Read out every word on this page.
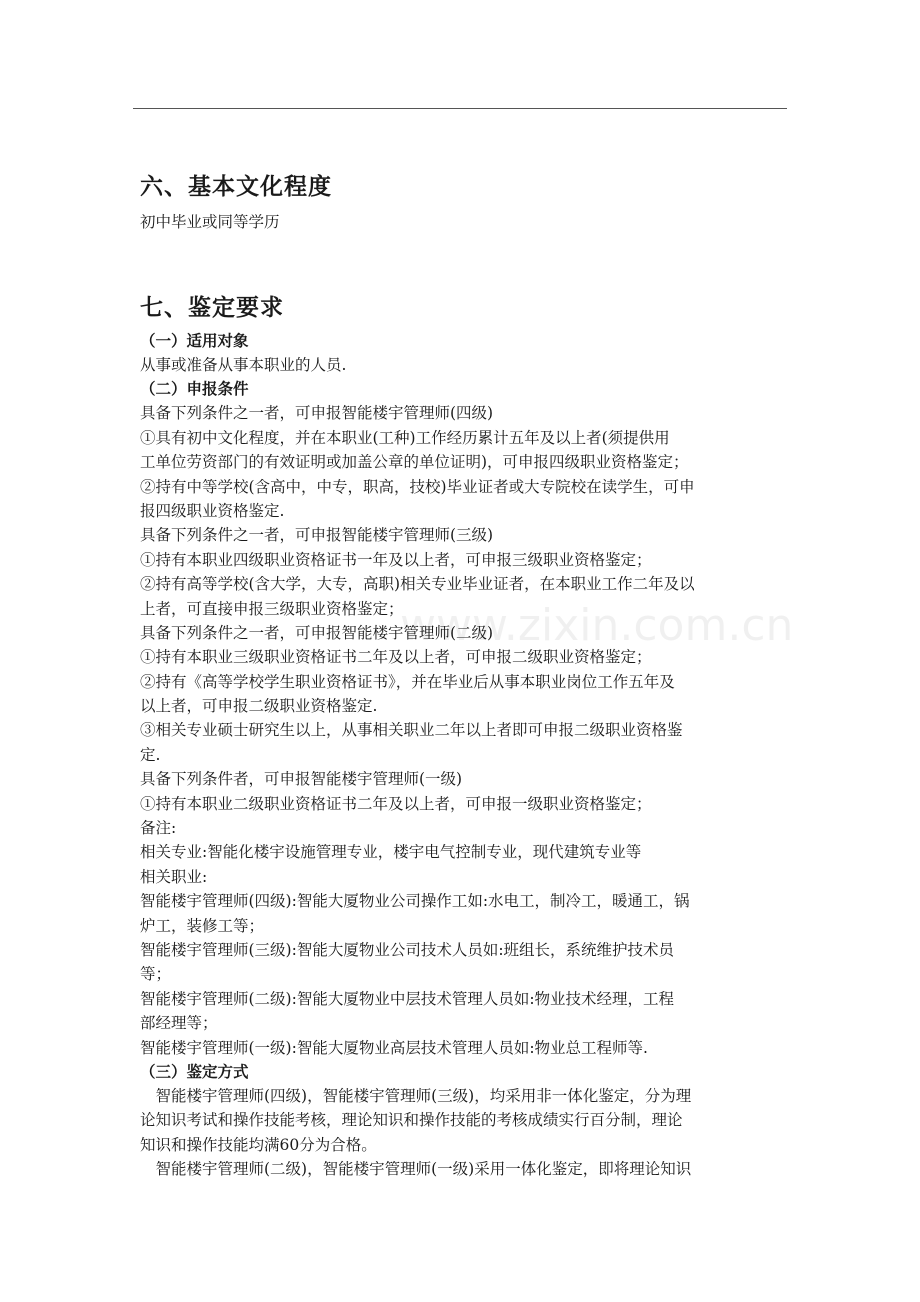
六、基本文化程度
初中毕业或同等学历
七、鉴定要求
（一）适用对象
从事或准备从事本职业的人员.
（二）申报条件
具备下列条件之一者，可申报智能楼宇管理师(四级)
①具有初中文化程度，并在本职业(工种)工作经历累计五年及以上者(须提供用
工单位劳资部门的有效证明或加盖公章的单位证明)，可申报四级职业资格鉴定；
②持有中等学校(含高中，中专，职高，技校)毕业证者或大专院校在读学生，可申
报四级职业资格鉴定.
具备下列条件之一者，可申报智能楼宇管理师(三级)
①持有本职业四级职业资格证书一年及以上者，可申报三级职业资格鉴定；
②持有高等学校(含大学，大专，高职)相关专业毕业证者，在本职业工作二年及以
上者，可直接申报三级职业资格鉴定；
具备下列条件之一者，可申报智能楼宇管理师(二级)
①持有本职业三级职业资格证书二年及以上者，可申报二级职业资格鉴定；
②持有《高等学校学生职业资格证书》，并在毕业后从事本职业岗位工作五年及
以上者，可申报二级职业资格鉴定.
③相关专业硕士研究生以上，从事相关职业二年以上者即可申报二级职业资格鉴
定.
具备下列条件者，可申报智能楼宇管理师(一级)
①持有本职业二级职业资格证书二年及以上者，可申报一级职业资格鉴定；
备注:
相关专业:智能化楼宇设施管理专业，楼宇电气控制专业，现代建筑专业等
相关职业:
智能楼宇管理师(四级):智能大厦物业公司操作工如:水电工，制冷工，暖通工，锅
炉工，装修工等；
智能楼宇管理师(三级):智能大厦物业公司技术人员如:班组长，系统维护技术员
等；
智能楼宇管理师(二级):智能大厦物业中层技术管理人员如:物业技术经理，工程
部经理等；
智能楼宇管理师(一级):智能大厦物业高层技术管理人员如:物业总工程师等.
（三）鉴定方式
　智能楼宇管理师(四级)，智能楼宇管理师(三级)，均采用非一体化鉴定，分为理
论知识考试和操作技能考核，理论知识和操作技能的考核成绩实行百分制，理论
知识和操作技能均满60分为合格。
　智能楼宇管理师(二级)，智能楼宇管理师(一级)采用一体化鉴定，即将理论知识
www.zixin.com.cn
